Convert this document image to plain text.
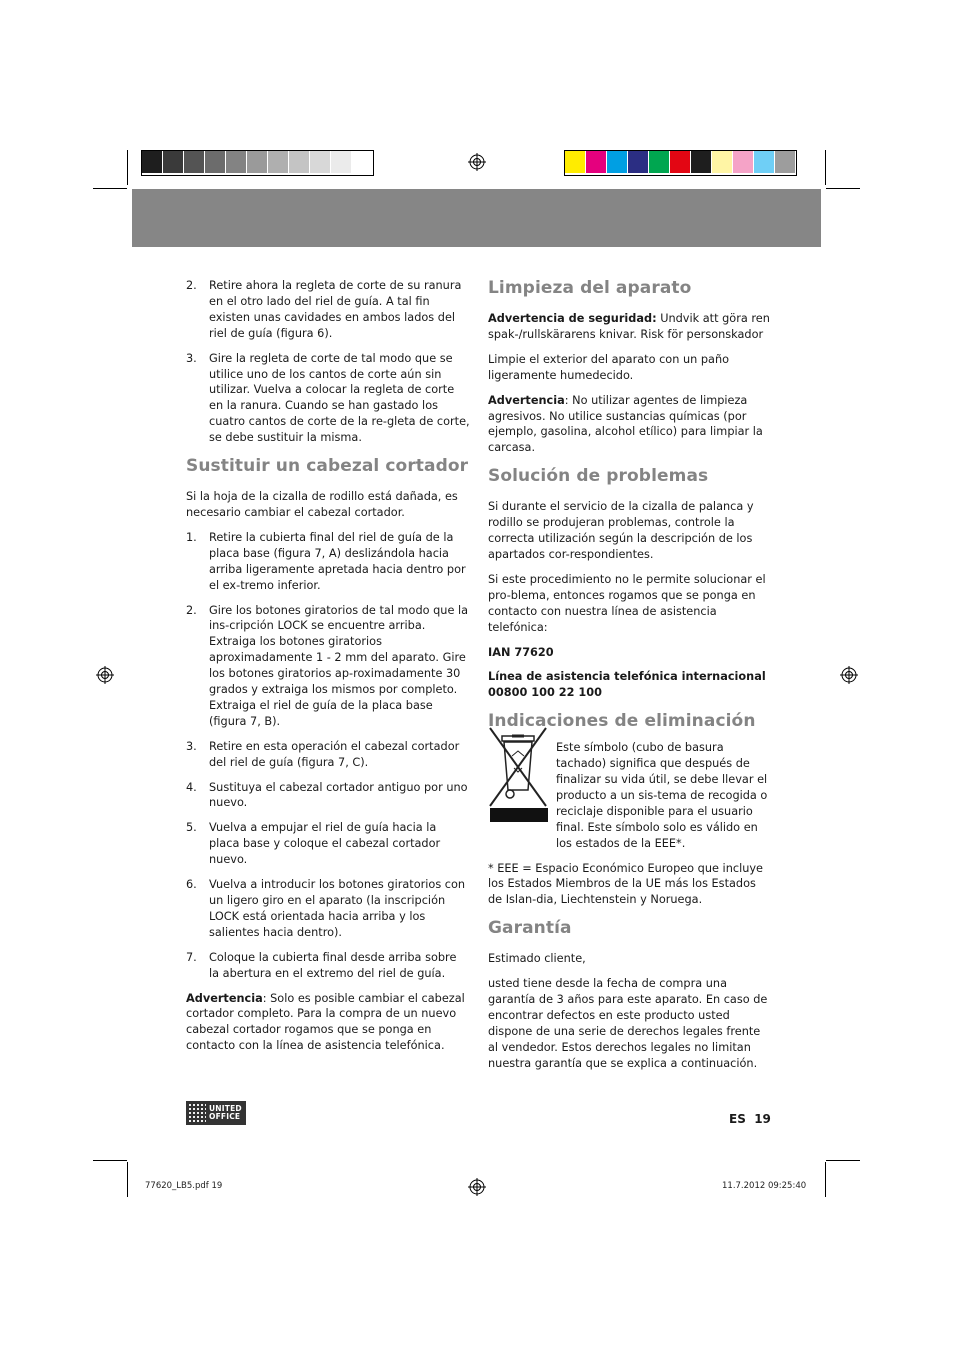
2. Retire ahora la regleta de corte de su ranura en el otro lado del riel de guía. A tal fin existen unas cavidades en ambos lados del riel de guía (figura 6).
3. Gire la regleta de corte de tal modo que se utilice uno de los cantos de corte aún sin utilizar. Vuelva a colocar la regleta de corte en la ranura. Cuando se han gastado los cuatro cantos de corte de la re-gleta de corte, se debe sustituir la misma.
Sustituir un cabezal cortador

Si la hoja de la cizalla de rodillo está dañada, es necesario cambiar el cabezal cortador.

1. Retire la cubierta final del riel de guía de la placa base (figura 7, A) deslizándola hacia arriba ligeramente apretada hacia dentro por el ex-tremo inferior.
2. Gire los botones giratorios de tal modo que la ins-cripción LOCK se encuentre arriba. Extraiga los botones giratorios aproximadamente 1 - 2 mm del aparato. Gire los botones giratorios ap-roximadamente 30 grados y extraiga los mismos por completo. Extraiga el riel de guía de la placa base (figura 7, B).
3. Retire en esta operación el cabezal cortador del riel de guía (figura 7, C).
4. Sustituya el cabezal cortador antiguo por uno nuevo.
5. Vuelva a empujar el riel de guía hacia la placa base y coloque el cabezal cortador nuevo.
6. Vuelva a introducir los botones giratorios con un ligero giro en el aparato (la inscripción LOCK está orientada hacia arriba y los salientes hacia dentro).
7. Coloque la cubierta final desde arriba sobre la abertura en el extremo del riel de guía.

Advertencia: Solo es posible cambiar el cabezal cortador completo. Para la compra de un nuevo cabezal cortador rogamos que se ponga en contacto con la línea de asistencia telefónica.

Limpieza del aparato

Advertencia de seguridad: Undvik att göra ren spak-/rullskärarens knivar. Risk för personskador

Limpie el exterior del aparato con un paño ligeramente humedecido.

Advertencia: No utilizar agentes de limpieza agresivos. No utilice sustancias químicas (por ejemplo, gasolina, alcohol etílico) para limpiar la carcasa.

Solución de problemas

Si durante el servicio de la cizalla de palanca y rodillo se produjeran problemas, controle la correcta utilización según la descripción de los apartados cor-respondientes.

Si este procedimiento no le permite solucionar el pro-blema, entonces rogamos que se ponga en contacto con nuestra línea de asistencia telefónica:

IAN 77620

Línea de asistencia telefónica internacional
00800 100 22 100

Indicaciones de eliminación

Este símbolo (cubo de basura tachado) significa que después de finalizar su vida útil, se debe llevar el producto a un sis-tema de recogida o reciclaje disponible para el usuario final. Este símbolo solo es válido en los estados de la EEE*.

* EEE = Espacio Económico Europeo que incluye los Estados Miembros de la UE más los Estados de Islan-dia, Liechtenstein y Noruega.

Garantía

Estimado cliente,

usted tiene desde la fecha de compra una garantía de 3 años para este aparato. En caso de encontrar defectos en este producto usted dispone de una serie de derechos legales frente al vendedor. Estos derechos legales no limitan nuestra garantía que se explica a continuación.

UNITED
OFFICE	ES 19
77620_LB5.pdf 19	11.7.2012 09:25:40
